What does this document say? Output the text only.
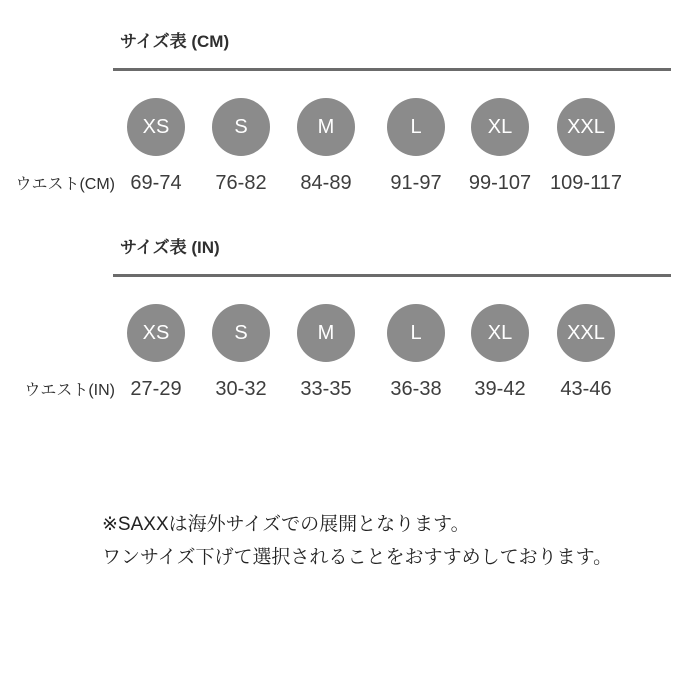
サイズ表 (CM)
XS	S	M	L	XL	XXL
ウエスト(CM) 69-74 76-82 84-89 91-97 99-107 109-117
サイズ表 (IN)
XS	S	M	L	XL	XXL
ウエスト(IN) 27-29 30-32 33-35 36-38 39-42 43-46

※SAXXは海外サイズでの展開となります。

ワンサイズ下げて選択されることをおすすめしております。
